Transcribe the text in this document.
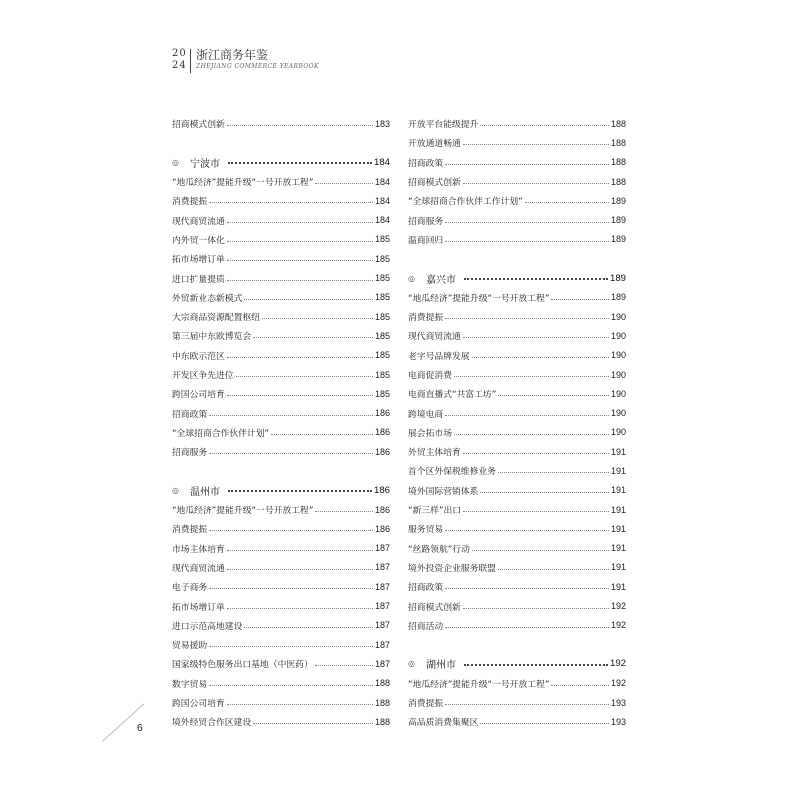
20
24
浙江商务年鉴
ZHEJIANG COMMERCE YEARBOOK
招商模式创新	183
◎	宁波市	184
“地瓜经济”提能升级“一号开放工程”	184
消费提振	184
现代商贸流通	184
内外贸一体化	185
拓市场增订单	185
进口扩量提质	185
外贸新业态新模式	185
大宗商品资源配置枢纽	185
第三届中东欧博览会	185
中东欧示范区	185
开发区争先进位	185
跨国公司培育	185
招商政策	186
“全球招商合作伙伴计划”	186
招商服务	186
◎	温州市	186
“地瓜经济”提能升级“一号开放工程”	186
消费提振	186
市场主体培育	187
现代商贸流通	187
电子商务	187
拓市场增订单	187
进口示范高地建设	187
贸易援助	187
国家级特色服务出口基地（中医药）	187
数字贸易	188
跨国公司培育	188
境外经贸合作区建设	188
开放平台能级提升	188
开放通道畅通	188
招商政策	188
招商模式创新	188
“全球招商合作伙伴工作计划”	189
招商服务	189
温商回归	189
◎	嘉兴市	189
“地瓜经济”提能升级“一号开放工程”	189
消费提振	190
现代商贸流通	190
老字号品牌发展	190
电商促消费	190
电商直播式“共富工坊”	190
跨境电商	190
展会拓市场	190
外贸主体培育	191
首个区外保税维修业务	191
境外国际营销体系	191
“新三样”出口	191
服务贸易	191
“丝路领航”行动	191
境外投资企业服务联盟	191
招商政策	191
招商模式创新	192
招商活动	192
◎	湖州市	192
“地瓜经济”提能升级“一号开放工程”	192
消费提振	193
高品质消费集聚区	193
6
